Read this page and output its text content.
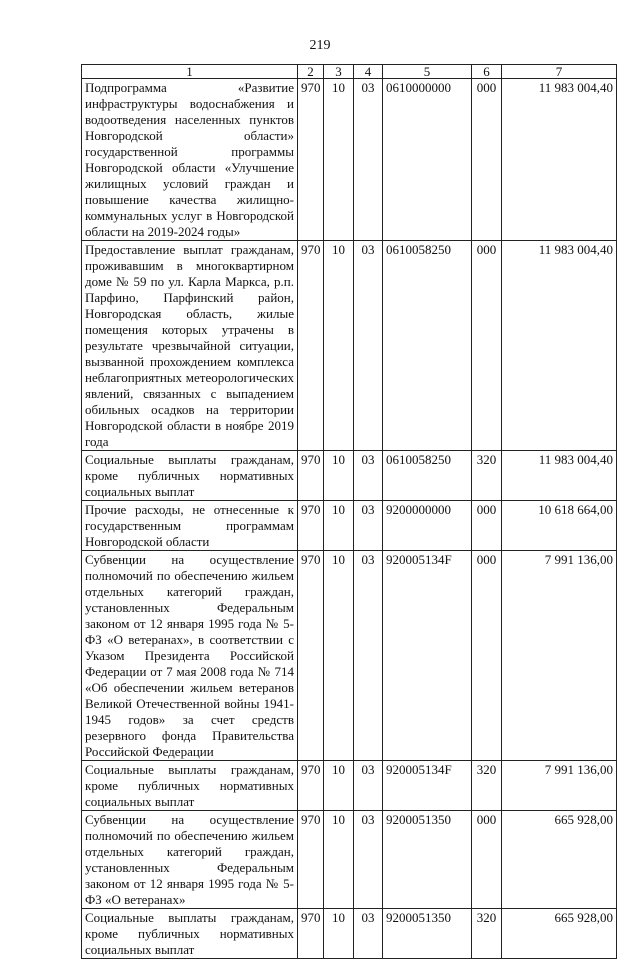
219
1	2	3	4	5	6	7
Подпрограмма «Развитие инфраструктуры водоснабжения и водоотведения населенных пунктов Новгородской области» государственной программы Новгородской области «Улучшение жилищных условий граждан и повышение качества жилищно-коммунальных услуг в Новгородской области на 2019-2024 годы»	970	10	03	0610000000	000	11 983 004,40
Предоставление выплат гражданам, проживавшим в многоквартирном доме № 59 по ул. Карла Маркса, р.п. Парфино, Парфинский район, Новгородская область, жилые помещения которых утрачены в результате чрезвычайной ситуации, вызванной прохождением комплекса неблагоприятных метеорологических явлений, связанных с выпадением обильных осадков на территории Новгородской области в ноябре 2019 года	970	10	03	0610058250	000	11 983 004,40
Социальные выплаты гражданам, кроме публичных нормативных социальных выплат	970	10	03	0610058250	320	11 983 004,40
Прочие расходы, не отнесенные к государственным программам Новгородской области	970	10	03	9200000000	000	10 618 664,00
Субвенции на осуществление полномочий по обеспечению жильем отдельных категорий граждан, установленных Федеральным законом от 12 января 1995 года № 5-ФЗ «О ветеранах», в соответствии с Указом Президента Российской Федерации от 7 мая 2008 года № 714 «Об обеспечении жильем ветеранов Великой Отечественной войны 1941-1945 годов» за счет средств резервного фонда Правительства Российской Федерации	970	10	03	920005134F	000	7 991 136,00
Социальные выплаты гражданам, кроме публичных нормативных социальных выплат	970	10	03	920005134F	320	7 991 136,00
Субвенции на осуществление полномочий по обеспечению жильем отдельных категорий граждан, установленных Федеральным законом от 12 января 1995 года № 5-ФЗ «О ветеранах»	970	10	03	9200051350	000	665 928,00
Социальные выплаты гражданам, кроме публичных нормативных социальных выплат	970	10	03	9200051350	320	665 928,00
